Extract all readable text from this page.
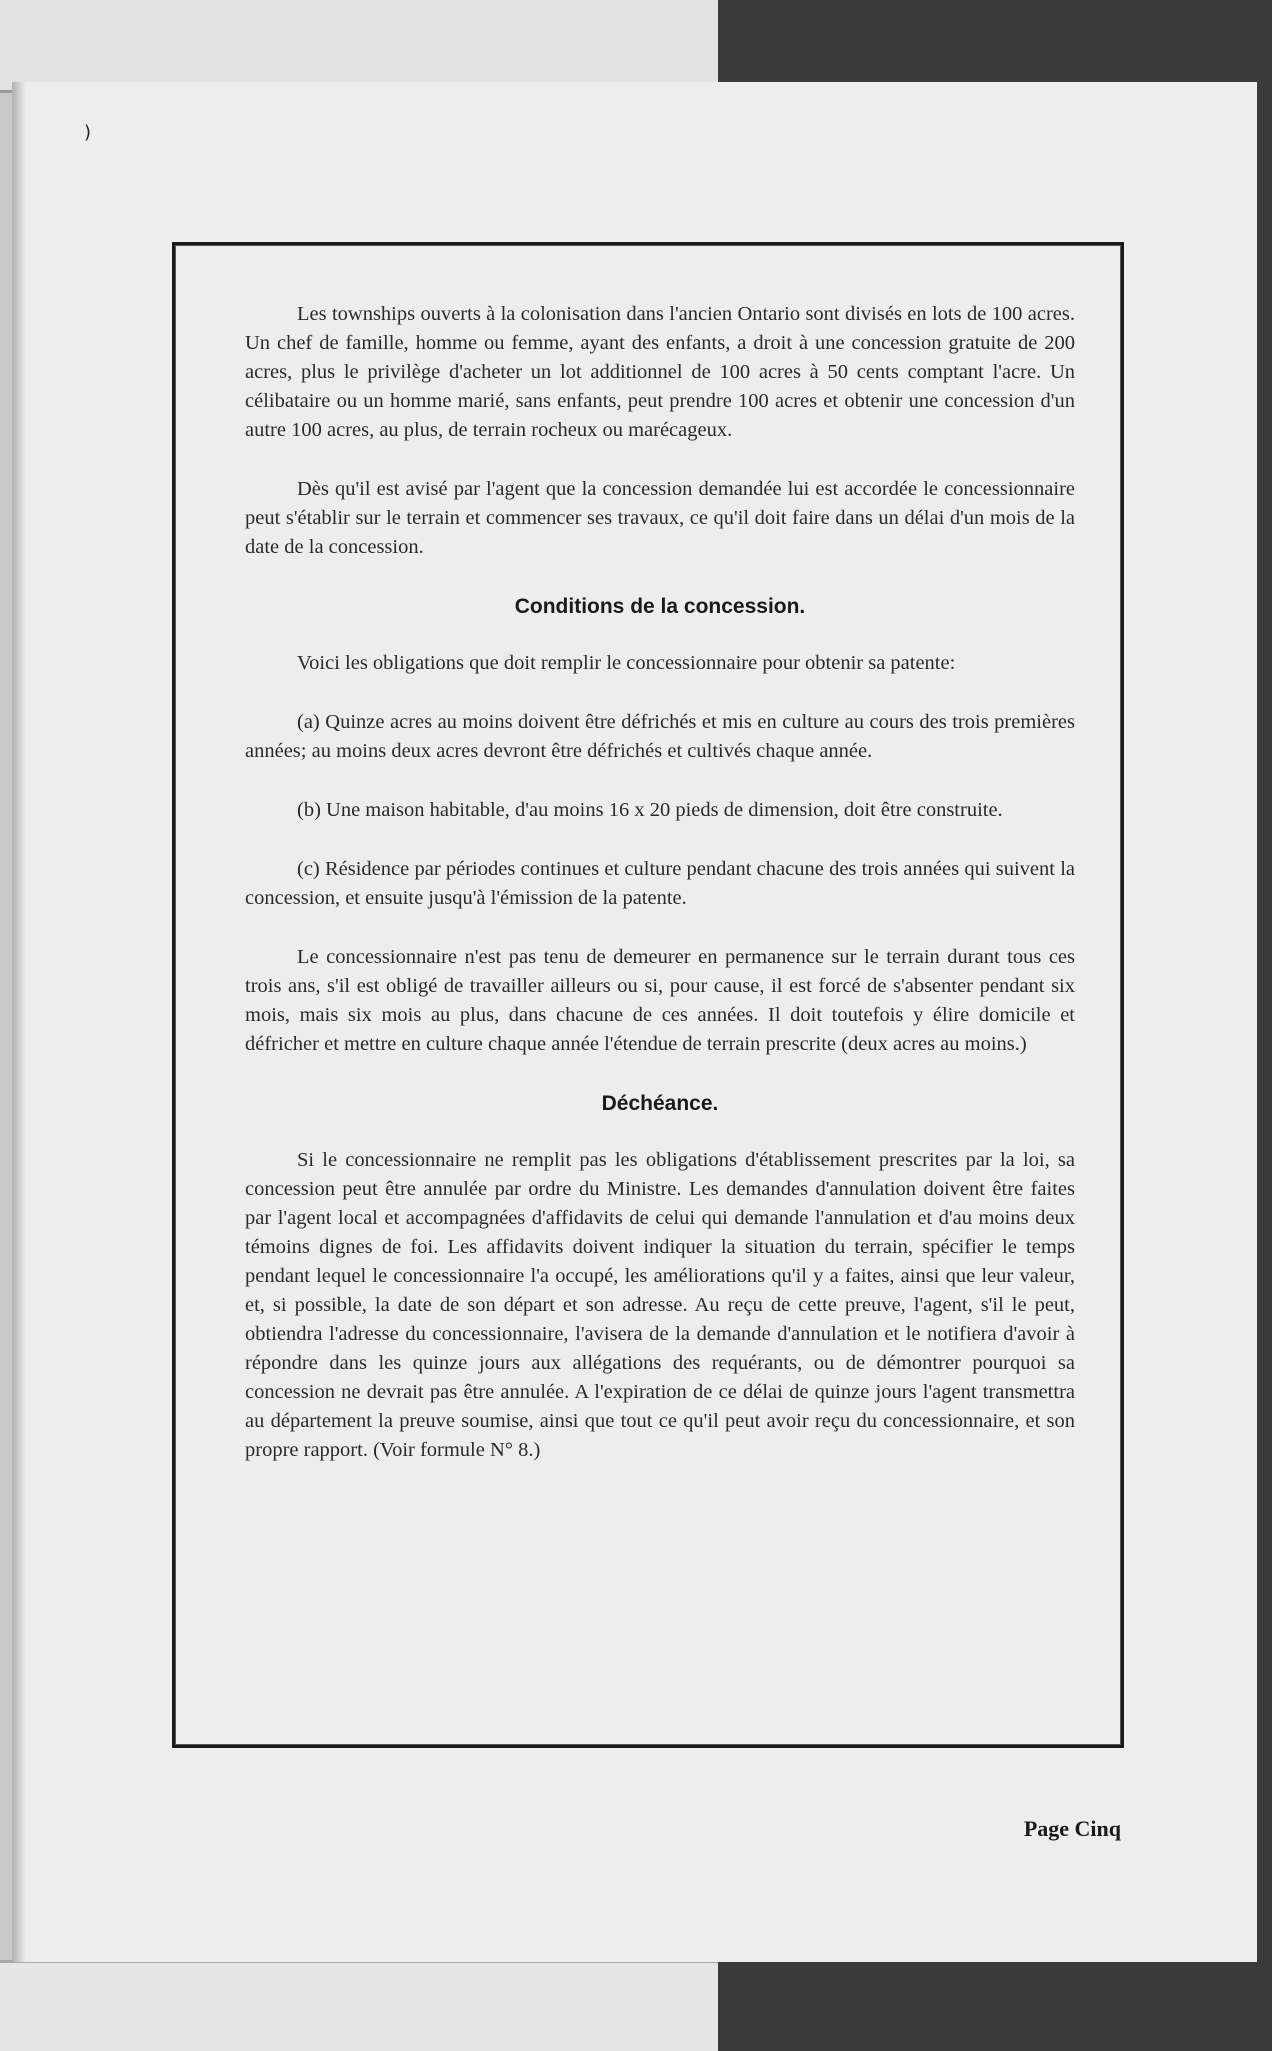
Les townships ouverts à la colonisation dans l'ancien Ontario sont divisés en lots de 100 acres. Un chef de famille, homme ou femme, ayant des enfants, a droit à une concession gratuite de 200 acres, plus le privilège d'acheter un lot additionnel de 100 acres à 50 cents comptant l'acre. Un célibataire ou un homme marié, sans enfants, peut prendre 100 acres et obtenir une concession d'un autre 100 acres, au plus, de terrain rocheux ou marécageux.

Dès qu'il est avisé par l'agent que la concession demandée lui est accordée le concessionnaire peut s'établir sur le terrain et commencer ses travaux, ce qu'il doit faire dans un délai d'un mois de la date de la concession.

Conditions de la concession.

Voici les obligations que doit remplir le concessionnaire pour obtenir sa patente:

(a) Quinze acres au moins doivent être défrichés et mis en culture au cours des trois premières années; au moins deux acres devront être défrichés et cultivés chaque année.

(b) Une maison habitable, d'au moins 16 x 20 pieds de dimension, doit être construite.

(c) Résidence par périodes continues et culture pendant chacune des trois années qui suivent la concession, et ensuite jusqu'à l'émission de la patente.

Le concessionnaire n'est pas tenu de demeurer en permanence sur le terrain durant tous ces trois ans, s'il est obligé de travailler ailleurs ou si, pour cause, il est forcé de s'absenter pendant six mois, mais six mois au plus, dans chacune de ces années. Il doit toutefois y élire domicile et défricher et mettre en culture chaque année l'étendue de terrain prescrite (deux acres au moins.)

Déchéance.

Si le concessionnaire ne remplit pas les obligations d'établissement prescrites par la loi, sa concession peut être annulée par ordre du Ministre. Les demandes d'annulation doivent être faites par l'agent local et accompagnées d'affidavits de celui qui demande l'annulation et d'au moins deux témoins dignes de foi. Les affidavits doivent indiquer la situation du terrain, spécifier le temps pendant lequel le concessionnaire l'a occupé, les améliorations qu'il y a faites, ainsi que leur valeur, et, si possible, la date de son départ et son adresse. Au reçu de cette preuve, l'agent, s'il le peut, obtiendra l'adresse du concessionnaire, l'avisera de la demande d'annulation et le notifiera d'avoir à répondre dans les quinze jours aux allégations des requérants, ou de démontrer pourquoi sa concession ne devrait pas être annulée. A l'expiration de ce délai de quinze jours l'agent transmettra au département la preuve soumise, ainsi que tout ce qu'il peut avoir reçu du concessionnaire, et son propre rapport. (Voir formule N° 8.)

Page Cinq
)
